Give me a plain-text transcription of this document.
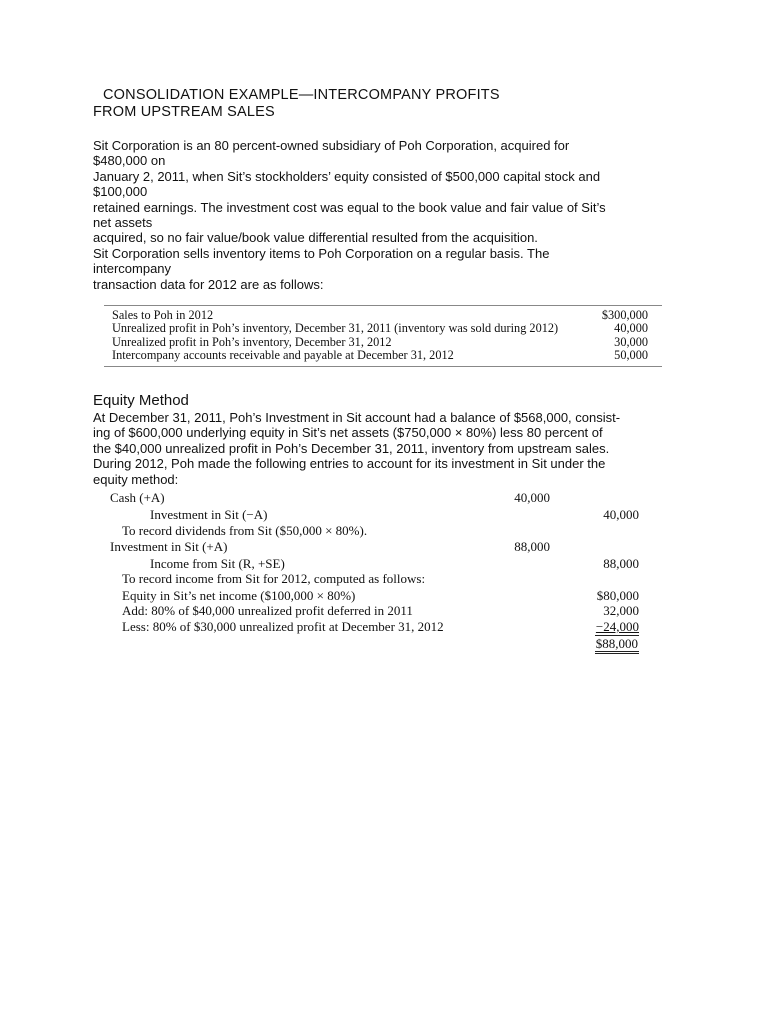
CONSOLIDATION EXAMPLE—INTERCOMPANY PROFITS
FROM UPSTREAM SALES
Sit Corporation is an 80 percent-owned subsidiary of Poh Corporation, acquired for
$480,000 on
January 2, 2011, when Sit’s stockholders’ equity consisted of $500,000 capital stock and
$100,000
retained earnings. The investment cost was equal to the book value and fair value of Sit’s
net assets
acquired, so no fair value/book value differential resulted from the acquisition.
Sit Corporation sells inventory items to Poh Corporation on a regular basis. The
intercompany
transaction data for 2012 are as follows:
Sales to Poh in 2012	$300,000
Unrealized profit in Poh’s inventory, December 31, 2011 (inventory was sold during 2012)	40,000
Unrealized profit in Poh’s inventory, December 31, 2012	30,000
Intercompany accounts receivable and payable at December 31, 2012	50,000
Equity Method
At December 31, 2011, Poh’s Investment in Sit account had a balance of $568,000, consist-
ing of $600,000 underlying equity in Sit’s net assets ($750,000 × 80%) less 80 percent of
the $40,000 unrealized profit in Poh’s December 31, 2011, inventory from upstream sales.
During 2012, Poh made the following entries to account for its investment in Sit under the
equity method:
Cash (+A)	40,000
Investment in Sit (−A)	40,000
To record dividends from Sit ($50,000 × 80%).
Investment in Sit (+A)	88,000
Income from Sit (R, +SE)	88,000
To record income from Sit for 2012, computed as follows:
Equity in Sit’s net income ($100,000 × 80%)	$80,000
Add: 80% of $40,000 unrealized profit deferred in 2011	32,000
Less: 80% of $30,000 unrealized profit at December 31, 2012	−24,000
$88,000
